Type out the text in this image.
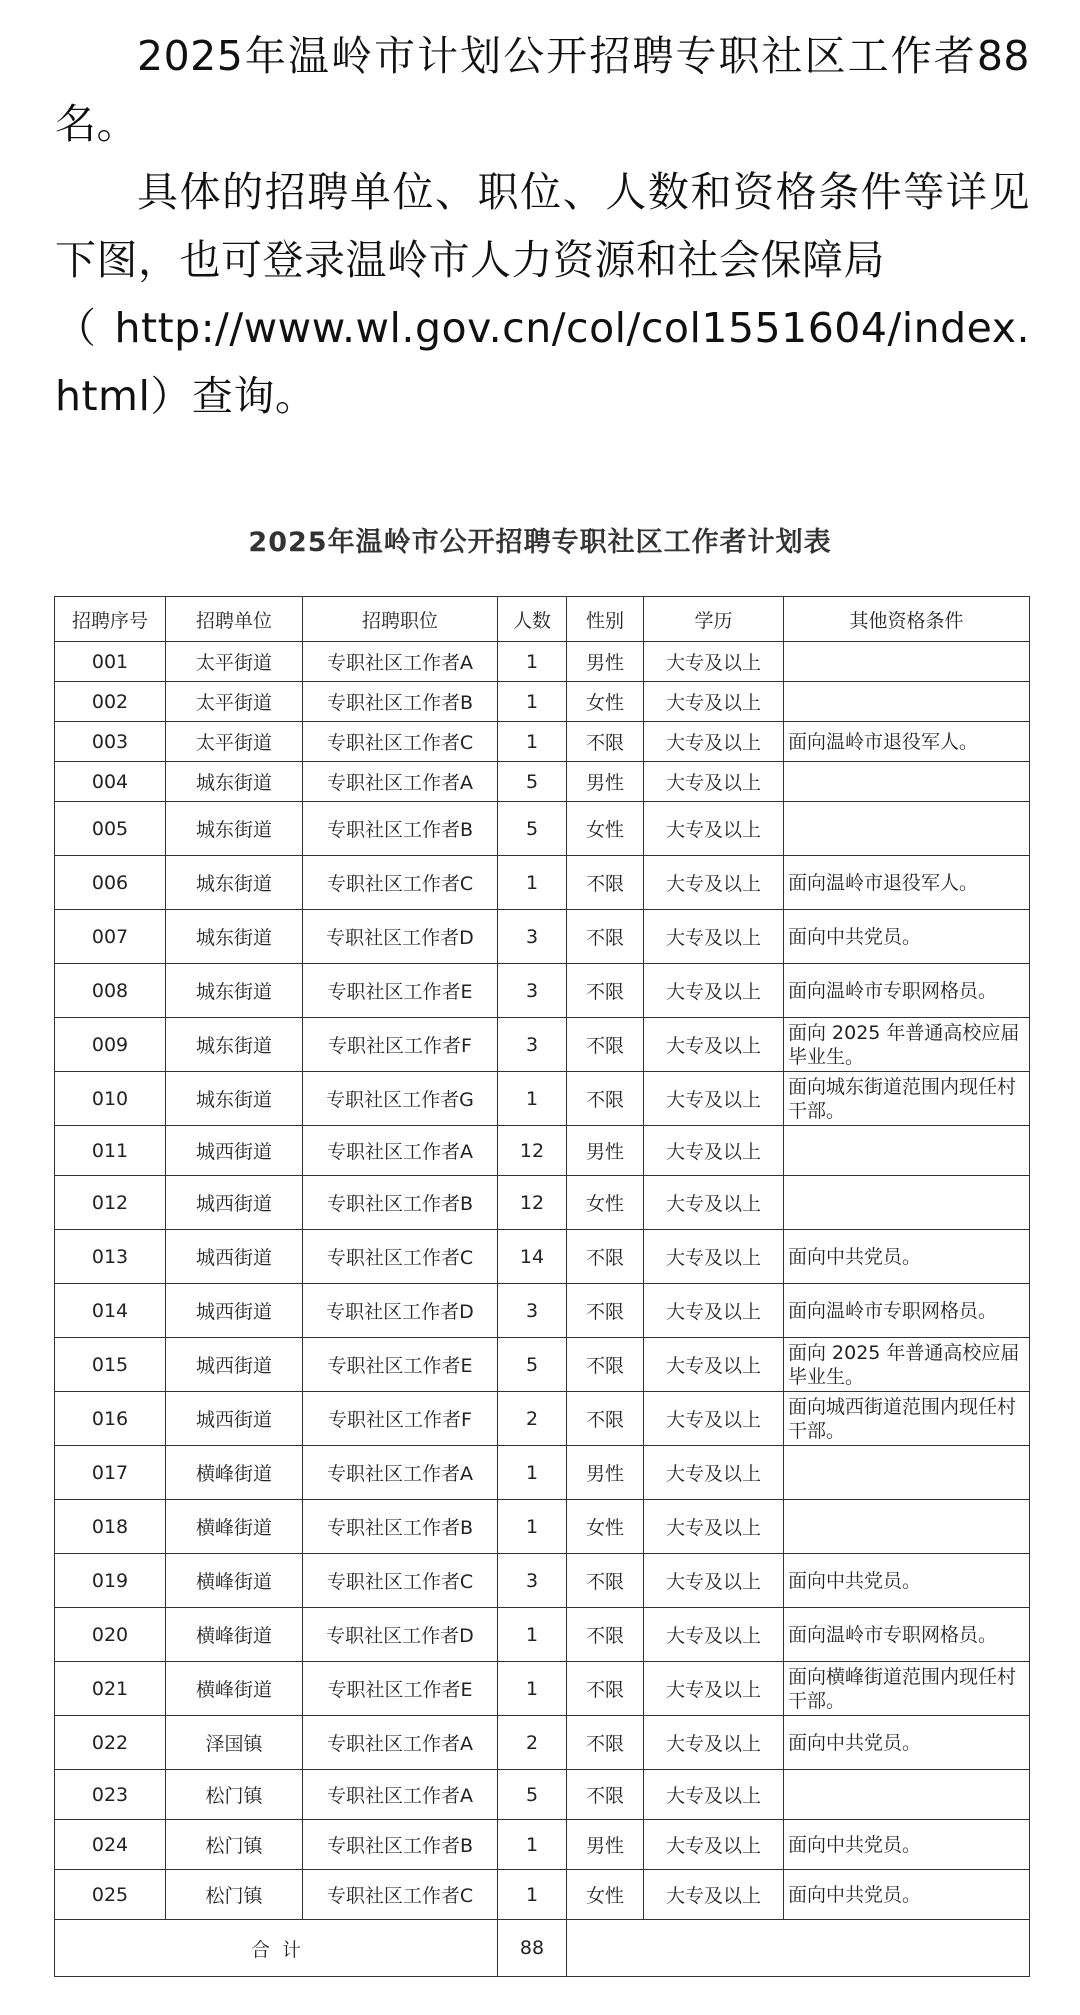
2025年温岭市计划公开招聘专职社区工作者88名。

具体的招聘单位、职位、人数和资格条件等详见下图，也可登录温岭市人力资源和社会保障局

（ http://www.wl.gov.cn/col/col1551604/index.html）查询。

2025年温岭市公开招聘专职社区工作者计划表
招聘序号	招聘单位	招聘职位	人数	性别	学历	其他资格条件
001	太平街道	专职社区工作者A	1	男性	大专及以上	
002	太平街道	专职社区工作者B	1	女性	大专及以上	
003	太平街道	专职社区工作者C	1	不限	大专及以上	面向温岭市退役军人。
004	城东街道	专职社区工作者A	5	男性	大专及以上	
005	城东街道	专职社区工作者B	5	女性	大专及以上	
006	城东街道	专职社区工作者C	1	不限	大专及以上	面向温岭市退役军人。
007	城东街道	专职社区工作者D	3	不限	大专及以上	面向中共党员。
008	城东街道	专职社区工作者E	3	不限	大专及以上	面向温岭市专职网格员。
009	城东街道	专职社区工作者F	3	不限	大专及以上	面向 2025 年普通高校应届毕业生。
010	城东街道	专职社区工作者G	1	不限	大专及以上	面向城东街道范围内现任村干部。
011	城西街道	专职社区工作者A	12	男性	大专及以上	
012	城西街道	专职社区工作者B	12	女性	大专及以上	
013	城西街道	专职社区工作者C	14	不限	大专及以上	面向中共党员。
014	城西街道	专职社区工作者D	3	不限	大专及以上	面向温岭市专职网格员。
015	城西街道	专职社区工作者E	5	不限	大专及以上	面向 2025 年普通高校应届毕业生。
016	城西街道	专职社区工作者F	2	不限	大专及以上	面向城西街道范围内现任村干部。
017	横峰街道	专职社区工作者A	1	男性	大专及以上	
018	横峰街道	专职社区工作者B	1	女性	大专及以上	
019	横峰街道	专职社区工作者C	3	不限	大专及以上	面向中共党员。
020	横峰街道	专职社区工作者D	1	不限	大专及以上	面向温岭市专职网格员。
021	横峰街道	专职社区工作者E	1	不限	大专及以上	面向横峰街道范围内现任村干部。
022	泽国镇	专职社区工作者A	2	不限	大专及以上	面向中共党员。
023	松门镇	专职社区工作者A	5	不限	大专及以上	
024	松门镇	专职社区工作者B	1	男性	大专及以上	面向中共党员。
025	松门镇	专职社区工作者C	1	女性	大专及以上	面向中共党员。
合  计			88			
